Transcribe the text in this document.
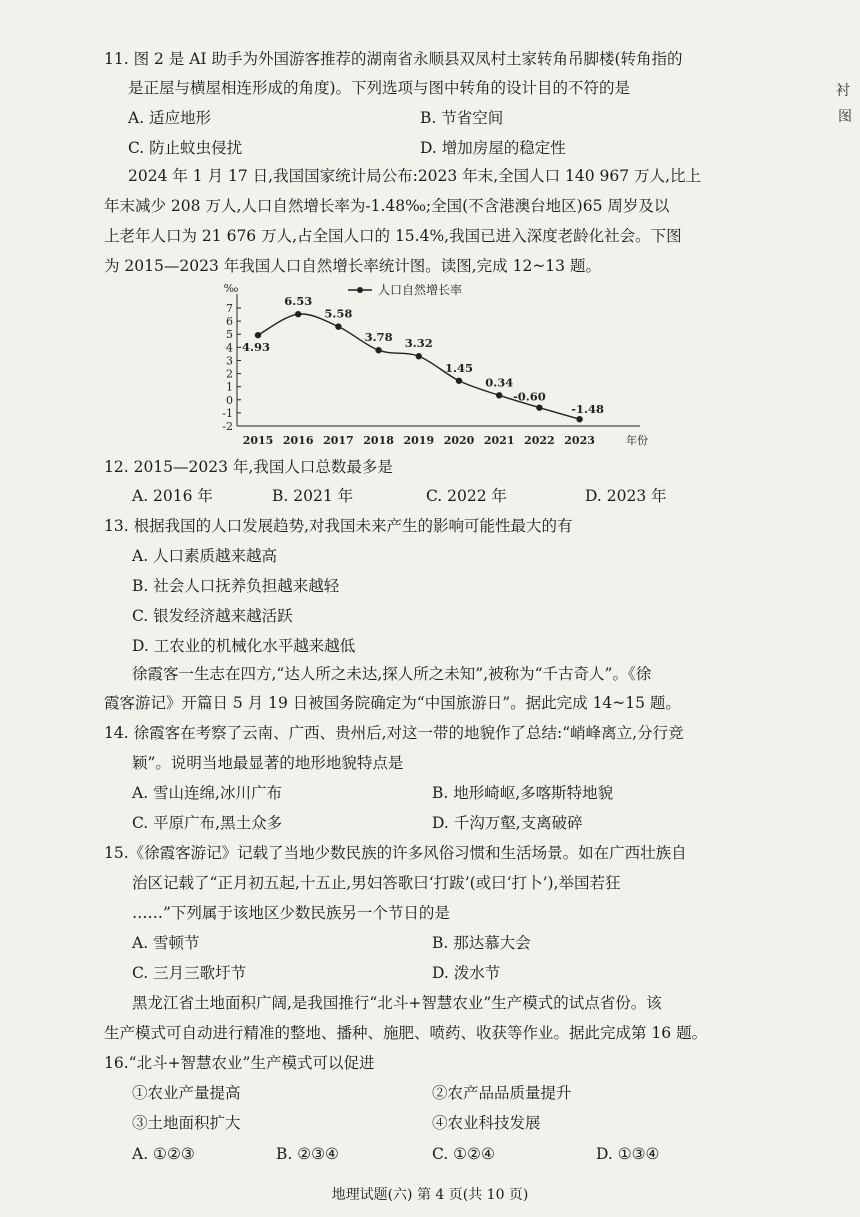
衬
图
11. 图 2 是 AI 助手为外国游客推荐的湖南省永顺县双凤村土家转角吊脚楼(转角指的
是正屋与横屋相连形成的角度)。下列选项与图中转角的设计目的不符的是
A. 适应地形	B. 节省空间
C. 防止蚊虫侵扰	D. 增加房屋的稳定性
2024 年 1 月 17 日,我国国家统计局公布:2023 年末,全国人口 140 967 万人,比上
年末减少 208 万人,人口自然增长率为-1.48‰;全国(不含港澳台地区)65 周岁及以
上老年人口为 21 676 万人,占全国人口的 15.4%,我国已进入深度老龄化社会。下图
为 2015—2023 年我国人口自然增长率统计图。读图,完成 12~13 题。
-2
-1
0
1
2
3
4
5
6
7
‰
2015 2016 2017 2018 2019 2020 2021 2022 2023	年份
4.93
6.53
5.58
3.78 3.32
1.45
0.34
-0.60
-1.48
人口自然增长率
12. 2015—2023 年,我国人口总数最多是
A. 2016 年	B. 2021 年	C. 2022 年	D. 2023 年
13. 根据我国的人口发展趋势,对我国未来产生的影响可能性最大的有
A. 人口素质越来越高
B. 社会人口抚养负担越来越轻
C. 银发经济越来越活跃
D. 工农业的机械化水平越来越低
徐霞客一生志在四方,“达人所之未达,探人所之未知”,被称为“千古奇人”。《徐
霞客游记》开篇日 5 月 19 日被国务院确定为“中国旅游日”。据此完成 14~15 题。
14. 徐霞客在考察了云南、广西、贵州后,对这一带的地貌作了总结:“峭峰离立,分行竞
颖”。说明当地最显著的地形地貌特点是
A. 雪山连绵,冰川广布	B. 地形崎岖,多喀斯特地貌
C. 平原广布,黑土众多	D. 千沟万壑,支离破碎
15.《徐霞客游记》记载了当地少数民族的许多风俗习惯和生活场景。如在广西壮族自
治区记载了“正月初五起,十五止,男妇答歌曰‘打跋’(或曰‘打卜’),举国若狂
……”下列属于该地区少数民族另一个节日的是
A. 雪顿节	B. 那达慕大会
C. 三月三歌圩节	D. 泼水节
黑龙江省土地面积广阔,是我国推行“北斗+智慧农业”生产模式的试点省份。该
生产模式可自动进行精准的整地、播种、施肥、喷药、收获等作业。据此完成第 16 题。
16.“北斗+智慧农业”生产模式可以促进
①农业产量提高	②农产品品质量提升
③土地面积扩大	④农业科技发展
A. ①②③	B. ②③④	C. ①②④	D. ①③④
地理试题(六) 第 4 页(共 10 页)
